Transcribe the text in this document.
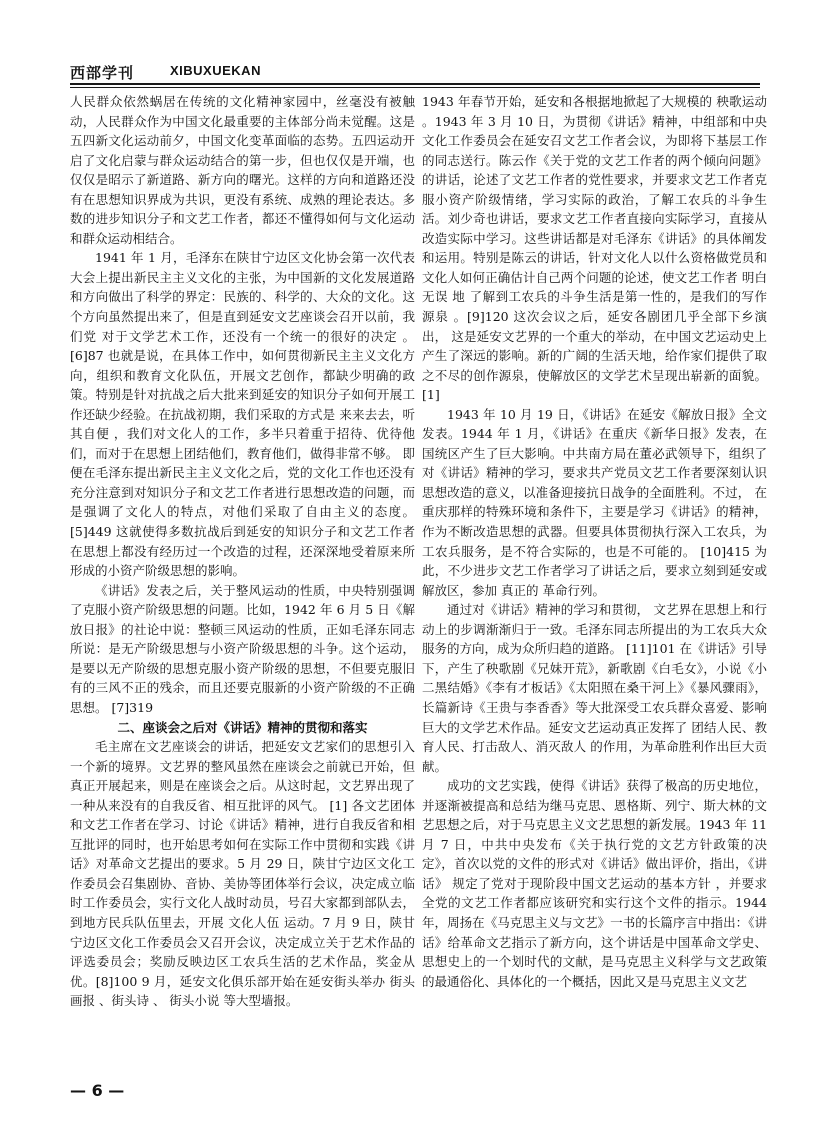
西部学刊	XIBUXUEKAN

人民群众依然蜗居在传统的文化精神家园中，丝毫没有被触动，人民群众作为中国文化最重要的主体部分尚未觉醒。这是五四新文化运动前夕，中国文化变革面临的态势。五四运动开启了文化启蒙与群众运动结合的第一步，但也仅仅是开端，也仅仅是昭示了新道路、新方向的曙光。这样的方向和道路还没有在思想知识界成为共识，更没有系统、成熟的理论表达。多数的进步知识分子和文艺工作者，都还不懂得如何与文化运动和群众运动相结合。

1941 年 1 月，毛泽东在陕甘宁边区文化协会第一次代表大会上提出新民主主义文化的主张，为中国新的文化发展道路和方向做出了科学的界定：民族的、科学的、大众的文化。这个方向虽然提出来了，但是直到延安文艺座谈会召开以前，我们党 对于文学艺术工作，还没有一个统一的很好的决定 。[6]87 也就是说，在具体工作中，如何贯彻新民主主义文化方向，组织和教育文化队伍，开展文艺创作，都缺少明确的政策。特别是针对抗战之后大批来到延安的知识分子如何开展工作还缺少经验。在抗战初期，我们采取的方式是 来来去去，听其自便 ，我们对文化人的工作，多半只着重于招待、优待他们，而对于在思想上团结他们，教育他们，做得非常不够。 即便在毛泽东提出新民主主义文化之后，党的文化工作也还没有充分注意到对知识分子和文艺工作者进行思想改造的问题，而是强调了文化人的特点，对他们采取了自由主义的态度。[5]449 这就使得多数抗战后到延安的知识分子和文艺工作者在思想上都没有经历过一个改造的过程，还深深地受着原来所形成的小资产阶级思想的影响。

《讲话》发表之后，关于整风运动的性质，中央特别强调了克服小资产阶级思想的问题。比如，1942 年 6 月 5 日《解放日报》的社论中说：整顿三风运动的性质，正如毛泽东同志所说：是无产阶级思想与小资产阶级思想的斗争。这个运动，是要以无产阶级的思想克服小资产阶级的思想，不但要克服旧有的三风不正的残余，而且还要克服新的小资产阶级的不正确思想。 [7]319

二、座谈会之后对《讲话》精神的贯彻和落实

毛主席在文艺座谈会的讲话，把延安文艺家们的思想引入一个新的境界。文艺界的整风虽然在座谈会之前就已开始，但真正开展起来，则是在座谈会之后。从这时起，文艺界出现了一种从来没有的自我反省、相互批评的风气。 [1] 各文艺团体和文艺工作者在学习、讨论《讲话》精神，进行自我反省和相互批评的同时，也开始思考如何在实际工作中贯彻和实践《讲话》对革命文艺提出的要求。5 月 29 日，陕甘宁边区文化工作委员会召集剧协、音协、美协等团体举行会议，决定成立临时工作委员会，实行文化人战时动员，号召大家都到部队去，到地方民兵队伍里去，开展 文化人伍 运动。7 月 9 日，陕甘宁边区文化工作委员会又召开会议，决定成立关于艺术作品的评选委员会；奖励反映边区工农兵生活的艺术作品，奖金从优。[8]100 9 月，延安文化俱乐部开始在延安街头举办 街头画报 、街头诗 、 街头小说 等大型墙报。

1943 年春节开始，延安和各根据地掀起了大规模的 秧歌运动 。1943 年 3 月 10 日，为贯彻《讲话》精神，中组部和中央文化工作委员会在延安召文艺工作者会议，为即将下基层工作的同志送行。陈云作《关于党的文艺工作者的两个倾向问题》的讲话，论述了文艺工作者的党性要求，并要求文艺工作者克服小资产阶级情绪，学习实际的政治，了解工农兵的斗争生活。刘少奇也讲话，要求文艺工作者直接向实际学习，直接从改造实际中学习。这些讲话都是对毛泽东《讲话》的具体阐发和运用。特别是陈云的讲话，针对文化人以什么资格做党员和文化人如何正确估计自己两个问题的论述，使文艺工作者 明白无误 地 了解到工农兵的斗争生活是第一性的，是我们的写作源泉 。[9]120 这次会议之后，延安各剧团几乎全部下乡演出， 这是延安文艺界的一个重大的举动，在中国文艺运动史上产生了深远的影响。新的广阔的生活天地，给作家们提供了取之不尽的创作源泉，使解放区的文学艺术呈现出崭新的面貌。 [1]

1943 年 10 月 19 日，《讲话》在延安《解放日报》全文发表。1944 年 1 月，《讲话》在重庆《新华日报》发表，在国统区产生了巨大影响。中共南方局在董必武领导下，组织了对《讲话》精神的学习，要求共产党员文艺工作者要深刻认识思想改造的意义，以准备迎接抗日战争的全面胜利。不过， 在重庆那样的特殊环境和条件下，主要是学习《讲话》的精神，作为不断改造思想的武器。但要具体贯彻执行深入工农兵，为工农兵服务，是不符合实际的，也是不可能的。 [10]415 为此，不少进步文艺工作者学习了讲话之后，要求立刻到延安或解放区，参加 真正的 革命行列。

通过对《讲话》精神的学习和贯彻， 文艺界在思想上和行动上的步调渐渐归于一致。毛泽东同志所提出的为工农兵大众服务的方向，成为众所归趋的道路。 [11]101 在《讲话》引导下，产生了秧歌剧《兄妹开荒》，新歌剧《白毛女》，小说《小二黑结婚》《李有才板话》《太阳照在桑干河上》《暴风骤雨》，长篇新诗《王贵与李香香》等大批深受工农兵群众喜爱、影响巨大的文学艺术作品。延安文艺运动真正发挥了 团结人民、教育人民、打击敌人、消灭敌人 的作用，为革命胜利作出巨大贡献。

成功的文艺实践，使得《讲话》获得了极高的历史地位，并逐渐被提高和总结为继马克思、恩格斯、列宁、斯大林的文艺思想之后，对于马克思主义文艺思想的新发展。1943 年 11 月 7 日，中共中央发布《关于执行党的文艺方针政策的决定》，首次以党的文件的形式对《讲话》做出评价，指出，《讲话》 规定了党对于现阶段中国文艺运动的基本方针 ，并要求全党的文艺工作者都应该研究和实行这个文件的指示。1944 年，周扬在《马克思主义与文艺》一书的长篇序言中指出：《讲话》给革命文艺指示了新方向，这个讲话是中国革命文学史、思想史上的一个划时代的文献，是马克思主义科学与文艺政策的最通俗化、具体化的一个概括，因此又是马克思主义文艺

— 6 —
